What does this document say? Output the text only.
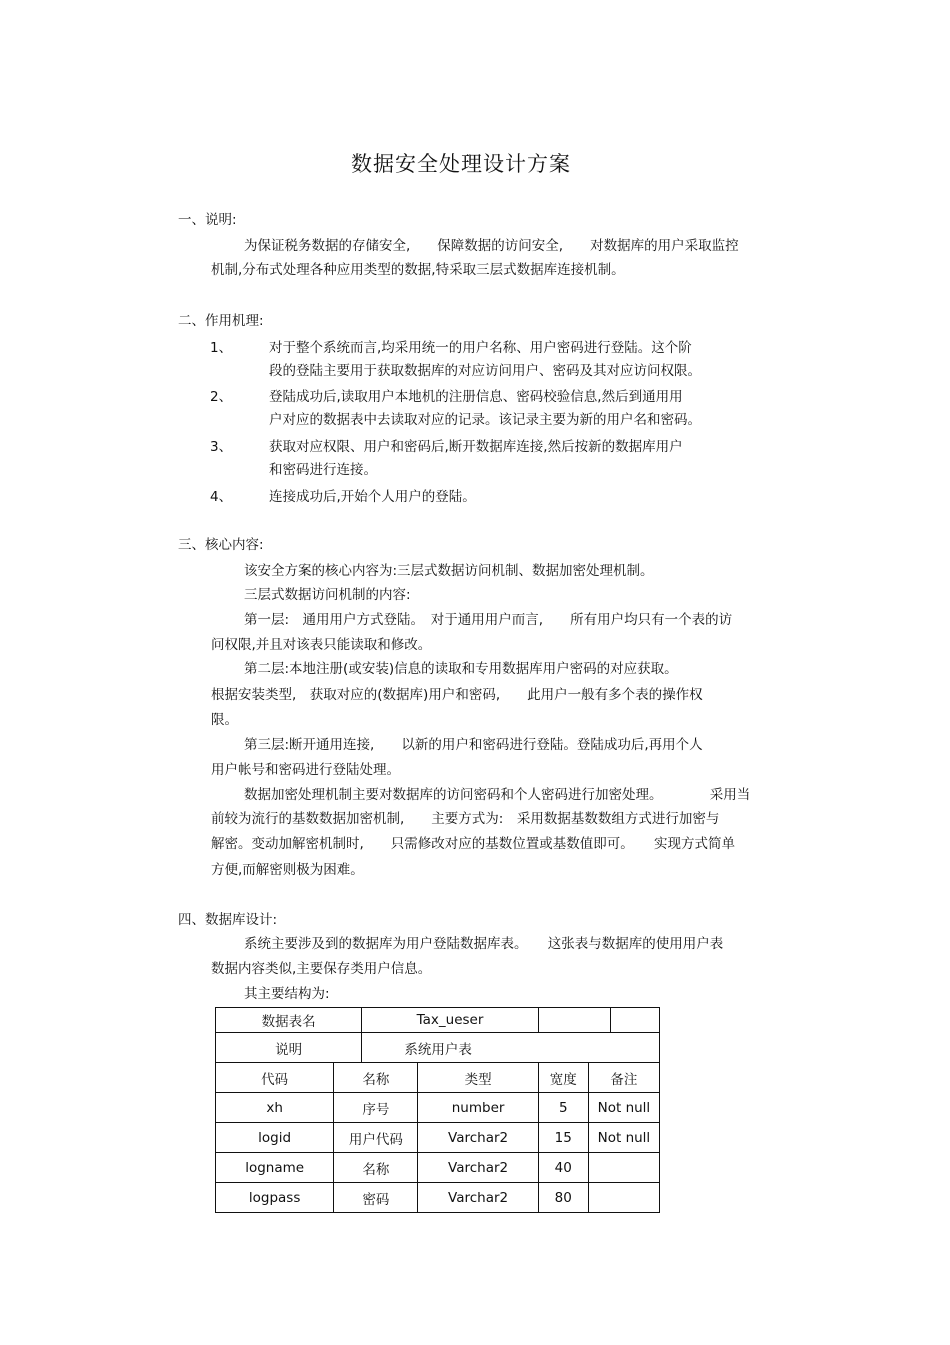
数据安全处理设计方案
一、说明:
为保证税务数据的存储安全,　　保障数据的访问安全,　　对数据库的用户采取监控
机制,分布式处理各种应用类型的数据,特采取三层式数据库连接机制。
二、作用机理:
1、	对于整个系统而言,均采用统一的用户名称、用户密码进行登陆。这个阶
段的登陆主要用于获取数据库的对应访问用户、密码及其对应访问权限。
2、	登陆成功后,读取用户本地机的注册信息、密码校验信息,然后到通用用
户对应的数据表中去读取对应的记录。该记录主要为新的用户名和密码。
3、	获取对应权限、用户和密码后,断开数据库连接,然后按新的数据库用户
和密码进行连接。
4、	连接成功后,开始个人用户的登陆。
三、核心内容:
该安全方案的核心内容为:三层式数据访问机制、数据加密处理机制。
三层式数据访问机制的内容:
第一层:　通用用户方式登陆。　对于通用用户而言,　　所有用户均只有一个表的访
问权限,并且对该表只能读取和修改。
第二层:本地注册(或安装)信息的读取和专用数据库用户密码的对应获取。
根据安装类型,　获取对应的(数据库)用户和密码,　　此用户一般有多个表的操作权
限。
第三层:断开通用连接,　　以新的用户和密码进行登陆。登陆成功后,再用个人
用户帐号和密码进行登陆处理。
数据加密处理机制主要对数据库的访问密码和个人密码进行加密处理。　　　　采用当
前较为流行的基数数据加密机制,　　主要方式为:　采用数据基数数组方式进行加密与
解密。变动加解密机制时,　　只需修改对应的基数位置或基数值即可。　　实现方式简单
方便,而解密则极为困难。
四、数据库设计:
系统主要涉及到的数据库为用户登陆数据库表。　　这张表与数据库的使用用户表
数据内容类似,主要保存类用户信息。
其主要结构为:
数据表名		Tax_ueser				
说明		系统用户表				
代码	名称		类型	宽度	备注	
xh	序号		number	5	Not null	
logid	用户代码		Varchar2	15	Not null	
logname	名称		Varchar2	40		
logpass	密码		Varchar2	80		
